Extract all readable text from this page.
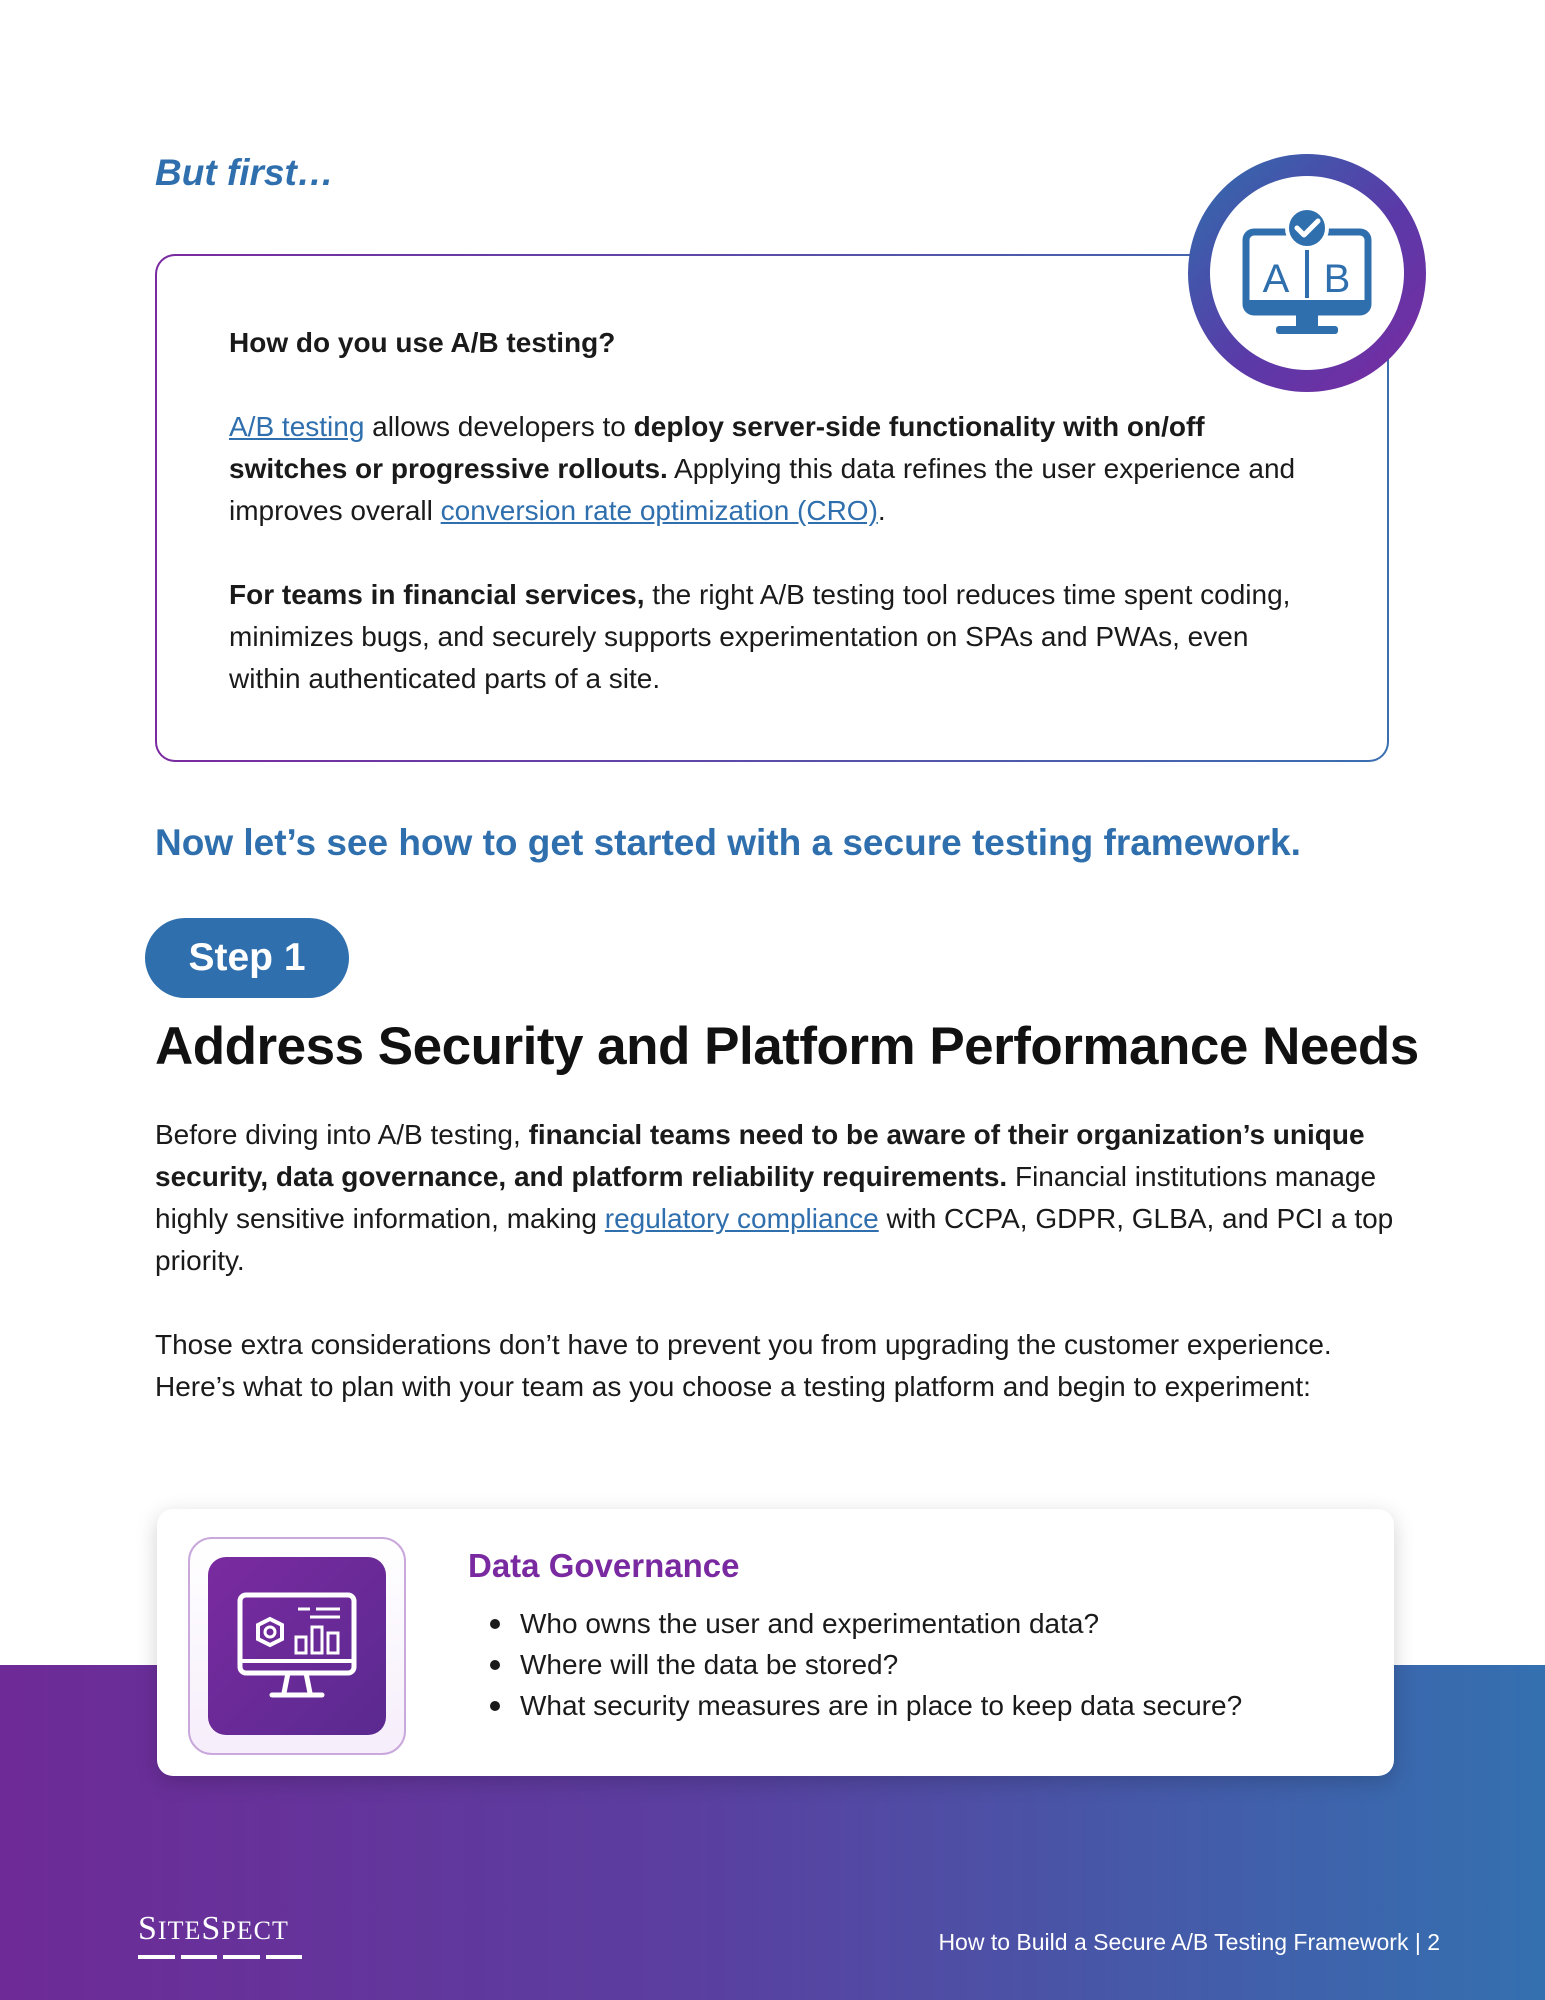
But first…
How do you use A/B testing?

A/B testing allows developers to deploy server-side functionality with on/off switches or progressive rollouts. Applying this data refines the user experience and improves overall conversion rate optimization (CRO).

For teams in financial services, the right A/B testing tool reduces time spent coding, minimizes bugs, and securely supports experimentation on SPAs and PWAs, even within authenticated parts of a site.

A B
Now let’s see how to get started with a secure testing framework.
Step 1
Address Security and Platform Performance Needs

Before diving into A/B testing, financial teams need to be aware of their organization’s unique security, data governance, and platform reliability requirements. Financial institutions manage highly sensitive information, making regulatory compliance with CCPA, GDPR, GLBA, and PCI a top priority.

Those extra considerations don’t have to prevent you from upgrading the customer experience. Here’s what to plan with your team as you choose a testing platform and begin to experiment:

Data Governance
Who owns the user and experimentation data?
Where will the data be stored?
What security measures are in place to keep data secure?
SITESPECT	How to Build a Secure A/B Testing Framework | 2
